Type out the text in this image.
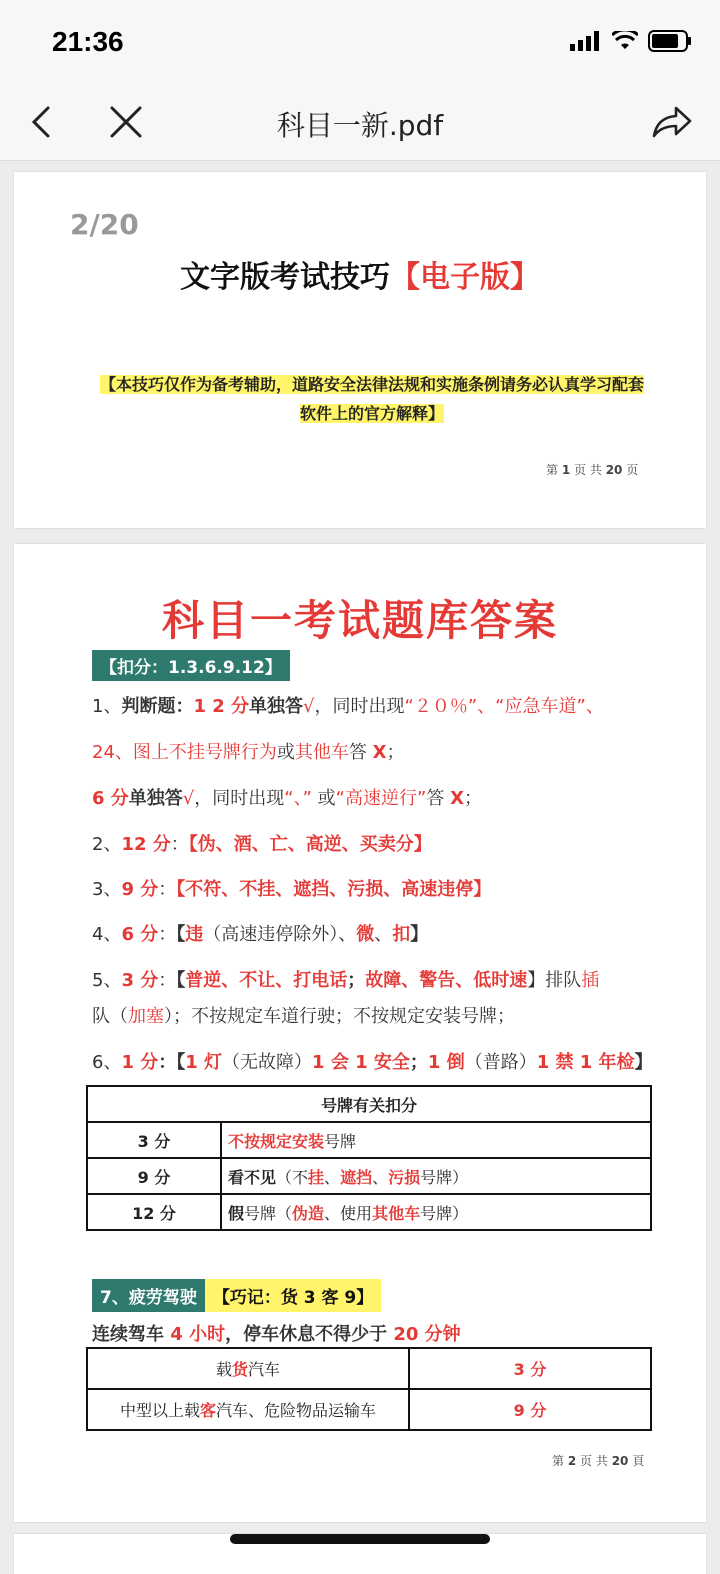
21:36
科目一新.pdf
2/20
文字版考试技巧【电子版】
【本技巧仅作为备考辅助，道路安全法律法规和实施条例请务必认真学习配套
软件上的官方解释】
第 1 页 共 20 页
科目一考试题库答案
【扣分：1.3.6.9.12】
1、判断题：1 2 分单独答√，同时出现“２０％”、“应急车道”、
24、图上不挂号牌行为或其他车答 X；
6 分单独答√，同时出现“、” 或“高速逆行”答 X；
2、12 分：【伪、酒、亡、高逆、买卖分】
3、9 分：【不符、不挂、遮挡、污损、高速违停】
4、6 分：【违（高速违停除外）、微、扣】
5、3 分：【普逆、不让、打电话；故障、警告、低时速】排队插
队（加塞）；不按规定车道行驶；不按规定安装号牌；
6、1 分：【1 灯（无故障）1 会 1 安全；1 倒（普路）1 禁 1 年检】
号牌有关扣分	
3 分	不按规定安装号牌
9 分	看不见（不挂、遮挡、污损号牌）
12 分	假号牌（伪造、使用其他车号牌）
7、疲劳驾驶 【巧记：货 3 客 9】
连续驾车 4 小时，停车休息不得少于 20 分钟
载货汽车	3 分
中型以上载客汽车、危险物品运输车	9 分
第 2 页 共 20 頁
